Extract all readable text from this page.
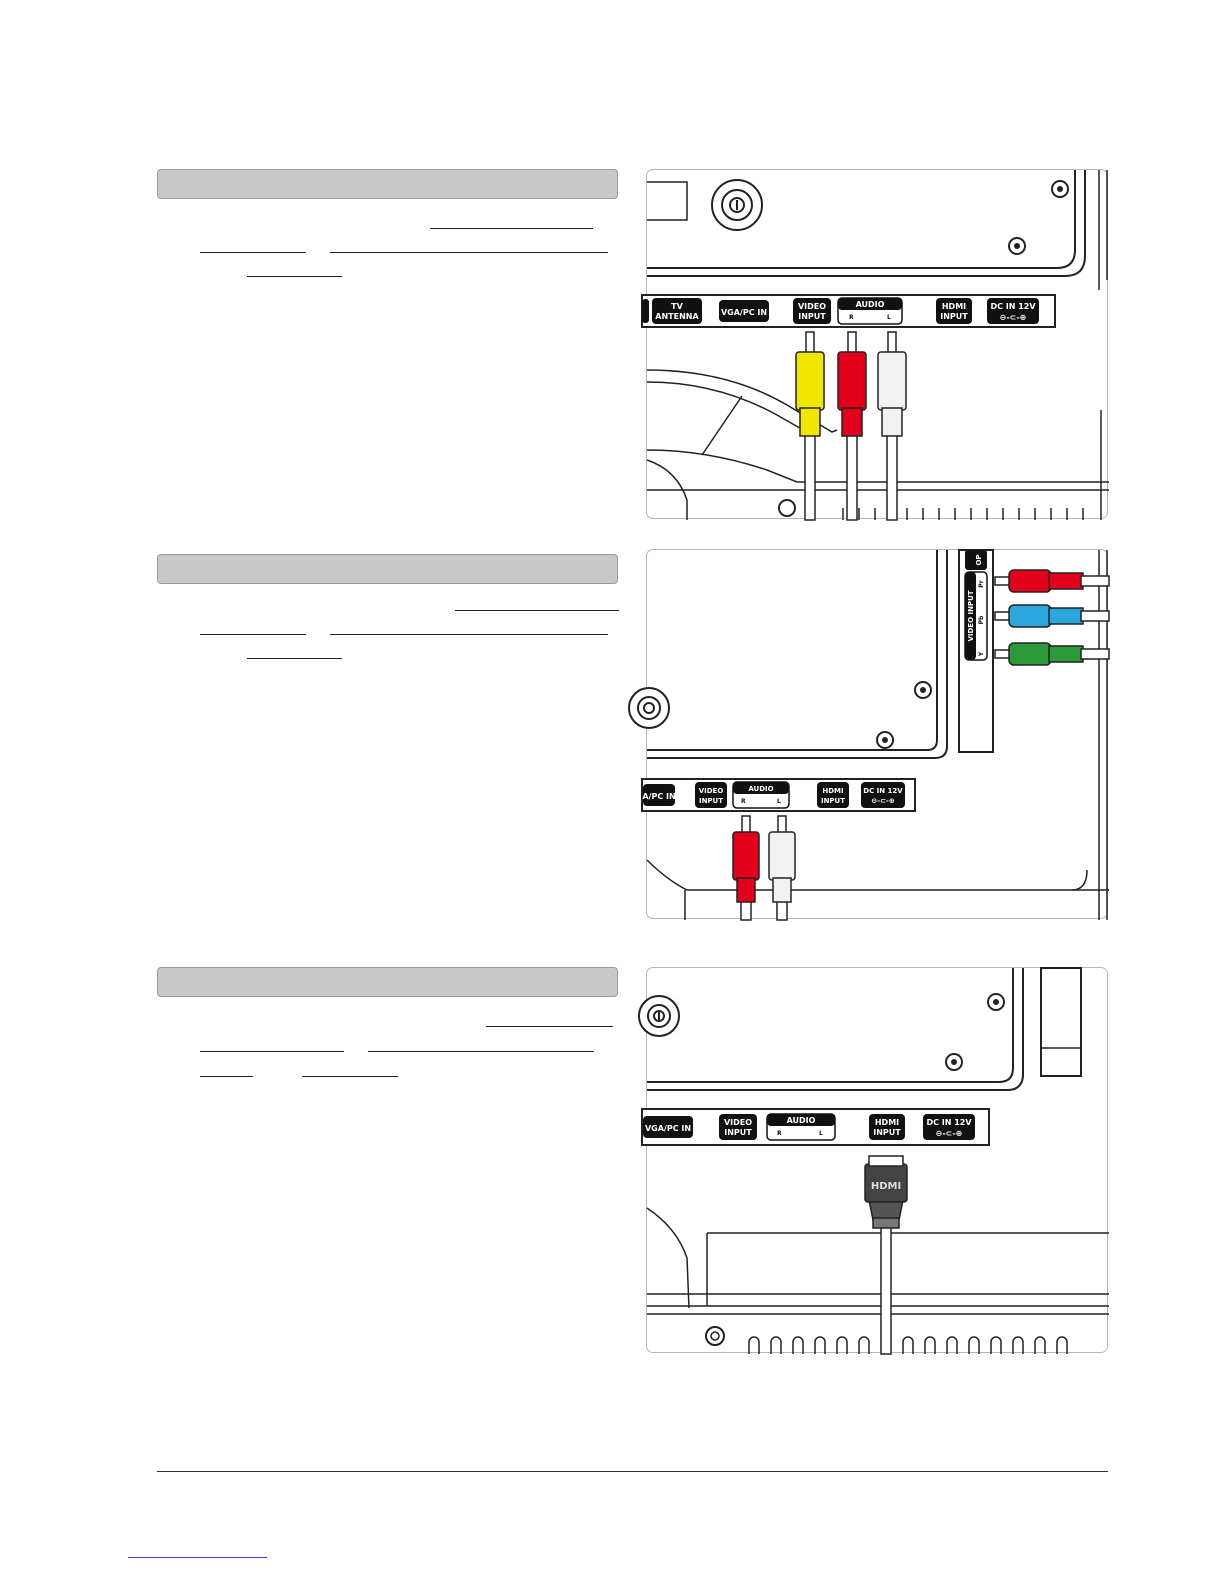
TV
ANTENNA	VGA/PC IN
VIDEO
INPUT
AUDIO
R	L
HDMI
INPUT
DC IN 12V
⊖-⊂-⊕
OP
VIDEO INPUT
Pr
Pb
Y
A/PC IN
VIDEO
INPUT
AUDIO
R	L
HDMI
INPUT
DC IN 12V
⊖-⊂-⊕
VGA/PC IN
VIDEO
INPUT
AUDIO
R	L
HDMI
INPUT
DC IN 12V
⊖-⊂-⊕
HDMI
